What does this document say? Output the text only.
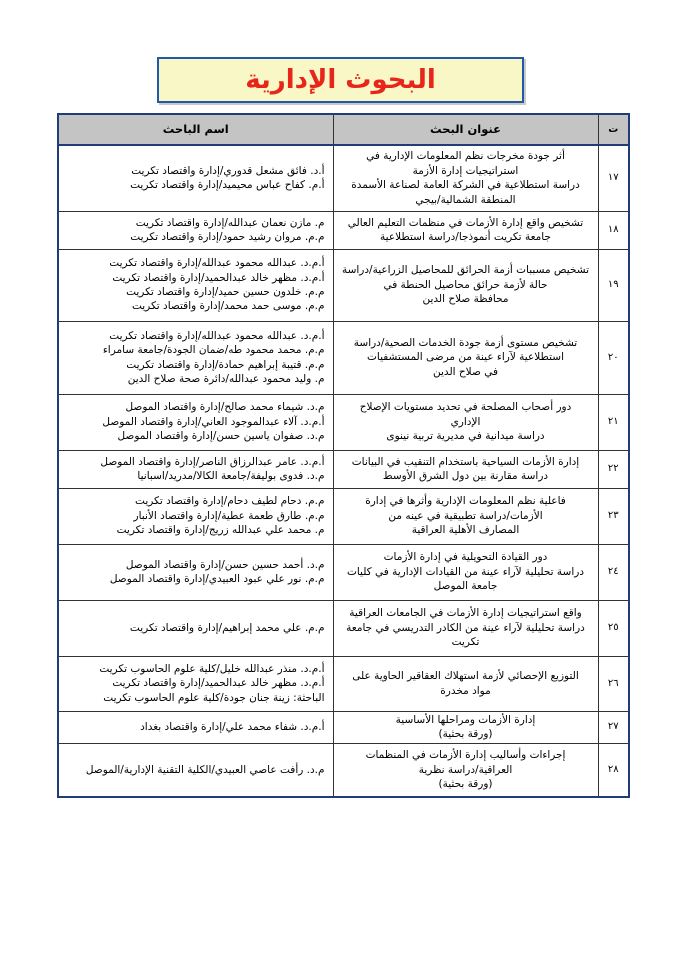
البحوث الإدارية
ت	عنوان البحث	اسم الباحث
١٧	أثر جودة مخرجات نظم المعلومات الإدارية في
استراتيجيات إدارة الأزمة
دراسة استطلاعية في الشركة العامة لصناعة الأسمدة
المنطقة الشمالية/بيجي	أ.د. فائق مشعل قدوري/إدارة واقتصاد تكريت
أ.م. كفاح عباس محيميد/إدارة واقتصاد تكريت

١٨	تشخيص واقع إدارة الأزمات في منظمات التعليم العالي
جامعة تكريت أنموذجا/دراسة استطلاعية	م. مازن نعمان عبدالله/إدارة واقتصاد تكريت
م.م. مروان رشيد حمود/إدارة واقتصاد تكريت

١٩	تشخيص مسببات أزمة الحرائق للمحاصيل الزراعية/دراسة
حالة لأزمة حرائق محاصيل الحنطة في
محافظة صلاح الدين	أ.م.د. عبدالله محمود عبدالله/إدارة واقتصاد تكريت
أ.م.د. مظهر خالد عبدالحميد/إدارة واقتصاد تكريت
م.م. خلدون حسين حميد/إدارة واقتصاد تكريت
م.م. موسى حمد محمد/إدارة واقتصاد تكريت

٢٠	تشخيص مستوى أزمة جودة الخدمات الصحية/دراسة
استطلاعية لآراء عينة من مرضى المستشفيات
في صلاح الدين	أ.م.د. عبدالله محمود عبدالله/إدارة واقتصاد تكريت
م.م. محمد محمود طه/ضمان الجودة/جامعة سامراء
م.م. قتيبة إبراهيم حمادة/إدارة واقتصاد تكريت
م. وليد محمود عبدالله/دائرة صحة صلاح الدين

٢١	دور أصحاب المصلحة في تحديد مستويات الإصلاح
الإداري
دراسة ميدانية في مديرية تربية نينوى	م.د. شيماء محمد صالح/إدارة واقتصاد الموصل
أ.م.د. آلاء عبدالموجود العاني/إدارة واقتصاد الموصل
م.د. صفوان ياسين حسن/إدارة واقتصاد الموصل

٢٢	إدارة الأزمات السياحية باستخدام التنقيب في البيانات
دراسة مقارنة بين دول الشرق الأوسط	أ.م.د. عامر عبدالرزاق الناصر/إدارة واقتصاد الموصل
م.د. فدوى بوليفة/جامعة الكالا/مدريد/اسبانيا

٢٣	فاعلية نظم المعلومات الإدارية وأثرها في إدارة
الأزمات/دراسة تطبيقية في عينه من
المصارف الأهلية العراقية	م.م. دحام لطيف دحام/إدارة واقتصاد تكريت
م.م. طارق طعمة عطية/إدارة واقتصاد الأنبار
م. محمد علي عبدالله زريج/إدارة واقتصاد تكريت

٢٤	دور القيادة التحويلية في إدارة الأزمات
دراسة تحليلية لآراء عينة من القيادات الإدارية في كليات
جامعة الموصل	م.د. أحمد حسين حسن/إدارة واقتصاد الموصل
م.م. نور علي عبود العبيدي/إدارة واقتصاد الموصل

٢٥	واقع استراتيجيات إدارة الأزمات في الجامعات العراقية
دراسة تحليلية لآراء عينة من الكادر التدريسي في جامعة
تكريت	م.م. علي محمد إبراهيم/إدارة واقتصاد تكريت

٢٦	التوزيع الإحصائي لأزمة استهلاك العقاقير الحاوية على
مواد مخدرة	أ.م.د. منذر عبدالله خليل/كلية علوم الحاسوب تكريت
أ.م.د. مظهر خالد عبدالحميد/إدارة واقتصاد تكريت
الباحثة: زينة جنان جودة/كلية علوم الحاسوب تكريت

٢٧	إدارة الأزمات ومراحلها الأساسية
(ورقة بحثية)	أ.م.د. شفاء محمد علي/إدارة واقتصاد بغداد

٢٨	إجراءات وأساليب إدارة الأزمات في المنظمات
العراقية/دراسة نظرية
(ورقة بحثية)	م.د. رأفت عاصي العبيدي/الكلية التقنية الإدارية/الموصل
